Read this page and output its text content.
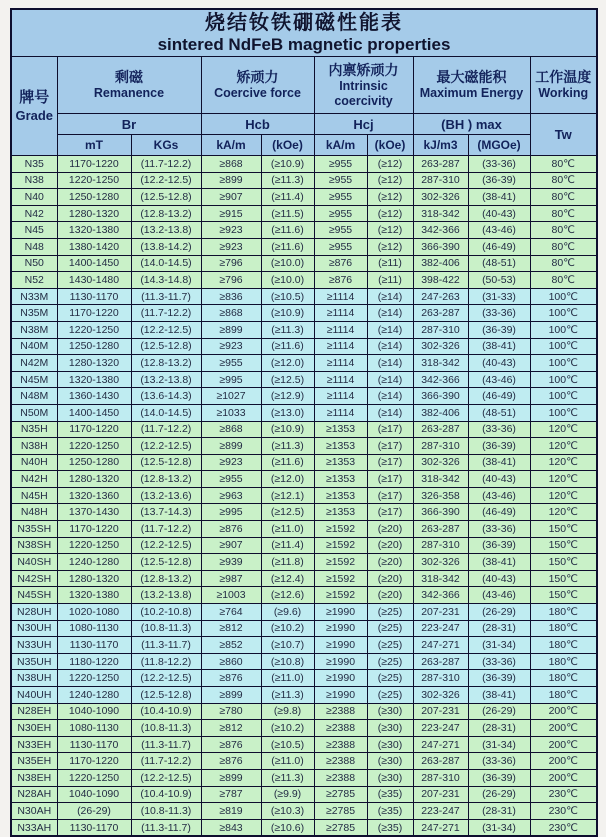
烧结钕铁硼磁性能表
sintered NdFeB magnetic properties									

牌号
Grade	剩磁
Remanence		矫顽力
Coercive force		内禀矫顽力
Intrinsic coercivity		最大磁能积
Maximum Energy		工作温度
Working

	Br		Hcb		Hcj		(BH ) max		Tw
	mT	KGs	kA/m	(kOe)	kA/m	(kOe)	kJ/m3	(MGOe)	
N35	1170-1220	(11.7-12.2)	≥868	(≥10.9)	≥955	(≥12)	263-287	(33-36)	80℃
N38	1220-1250	(12.2-12.5)	≥899	(≥11.3)	≥955	(≥12)	287-310	(36-39)	80℃
N40	1250-1280	(12.5-12.8)	≥907	(≥11.4)	≥955	(≥12)	302-326	(38-41)	80℃
N42	1280-1320	(12.8-13.2)	≥915	(≥11.5)	≥955	(≥12)	318-342	(40-43)	80℃
N45	1320-1380	(13.2-13.8)	≥923	(≥11.6)	≥955	(≥12)	342-366	(43-46)	80℃
N48	1380-1420	(13.8-14.2)	≥923	(≥11.6)	≥955	(≥12)	366-390	(46-49)	80℃
N50	1400-1450	(14.0-14.5)	≥796	(≥10.0)	≥876	(≥11)	382-406	(48-51)	80℃
N52	1430-1480	(14.3-14.8)	≥796	(≥10.0)	≥876	(≥11)	398-422	(50-53)	80℃
N33M	1130-1170	(11.3-11.7)	≥836	(≥10.5)	≥1114	(≥14)	247-263	(31-33)	100℃
N35M	1170-1220	(11.7-12.2)	≥868	(≥10.9)	≥1114	(≥14)	263-287	(33-36)	100℃
N38M	1220-1250	(12.2-12.5)	≥899	(≥11.3)	≥1114	(≥14)	287-310	(36-39)	100℃
N40M	1250-1280	(12.5-12.8)	≥923	(≥11.6)	≥1114	(≥14)	302-326	(38-41)	100℃
N42M	1280-1320	(12.8-13.2)	≥955	(≥12.0)	≥1114	(≥14)	318-342	(40-43)	100℃
N45M	1320-1380	(13.2-13.8)	≥995	(≥12.5)	≥1114	(≥14)	342-366	(43-46)	100℃
N48M	1360-1430	(13.6-14.3)	≥1027	(≥12.9)	≥1114	(≥14)	366-390	(46-49)	100℃
N50M	1400-1450	(14.0-14.5)	≥1033	(≥13.0)	≥1114	(≥14)	382-406	(48-51)	100℃
N35H	1170-1220	(11.7-12.2)	≥868	(≥10.9)	≥1353	(≥17)	263-287	(33-36)	120℃
N38H	1220-1250	(12.2-12.5)	≥899	(≥11.3)	≥1353	(≥17)	287-310	(36-39)	120℃
N40H	1250-1280	(12.5-12.8)	≥923	(≥11.6)	≥1353	(≥17)	302-326	(38-41)	120℃
N42H	1280-1320	(12.8-13.2)	≥955	(≥12.0)	≥1353	(≥17)	318-342	(40-43)	120℃
N45H	1320-1360	(13.2-13.6)	≥963	(≥12.1)	≥1353	(≥17)	326-358	(43-46)	120℃
N48H	1370-1430	(13.7-14.3)	≥995	(≥12.5)	≥1353	(≥17)	366-390	(46-49)	120℃
N35SH	1170-1220	(11.7-12.2)	≥876	(≥11.0)	≥1592	(≥20)	263-287	(33-36)	150℃
N38SH	1220-1250	(12.2-12.5)	≥907	(≥11.4)	≥1592	(≥20)	287-310	(36-39)	150℃
N40SH	1240-1280	(12.5-12.8)	≥939	(≥11.8)	≥1592	(≥20)	302-326	(38-41)	150℃
N42SH	1280-1320	(12.8-13.2)	≥987	(≥12.4)	≥1592	(≥20)	318-342	(40-43)	150℃
N45SH	1320-1380	(13.2-13.8)	≥1003	(≥12.6)	≥1592	(≥20)	342-366	(43-46)	150℃
N28UH	1020-1080	(10.2-10.8)	≥764	(≥9.6)	≥1990	(≥25)	207-231	(26-29)	180℃
N30UH	1080-1130	(10.8-11.3)	≥812	(≥10.2)	≥1990	(≥25)	223-247	(28-31)	180℃
N33UH	1130-1170	(11.3-11.7)	≥852	(≥10.7)	≥1990	(≥25)	247-271	(31-34)	180℃
N35UH	1180-1220	(11.8-12.2)	≥860	(≥10.8)	≥1990	(≥25)	263-287	(33-36)	180℃
N38UH	1220-1250	(12.2-12.5)	≥876	(≥11.0)	≥1990	(≥25)	287-310	(36-39)	180℃
N40UH	1240-1280	(12.5-12.8)	≥899	(≥11.3)	≥1990	(≥25)	302-326	(38-41)	180℃
N28EH	1040-1090	(10.4-10.9)	≥780	(≥9.8)	≥2388	(≥30)	207-231	(26-29)	200℃
N30EH	1080-1130	(10.8-11.3)	≥812	(≥10.2)	≥2388	(≥30)	223-247	(28-31)	200℃
N33EH	1130-1170	(11.3-11.7)	≥876	(≥10.5)	≥2388	(≥30)	247-271	(31-34)	200℃
N35EH	1170-1220	(11.7-12.2)	≥876	(≥11.0)	≥2388	(≥30)	263-287	(33-36)	200℃
N38EH	1220-1250	(12.2-12.5)	≥899	(≥11.3)	≥2388	(≥30)	287-310	(36-39)	200℃
N28AH	1040-1090	(10.4-10.9)	≥787	(≥9.9)	≥2785	(≥35)	207-231	(26-29)	230℃
N30AH	(26-29)	(10.8-11.3)	≥819	(≥10.3)	≥2785	(≥35)	223-247	(28-31)	230℃
N33AH	1130-1170	(11.3-11.7)	≥843	(≥10.6)	≥2785	(≥35)	247-271	(31-34)	230℃
